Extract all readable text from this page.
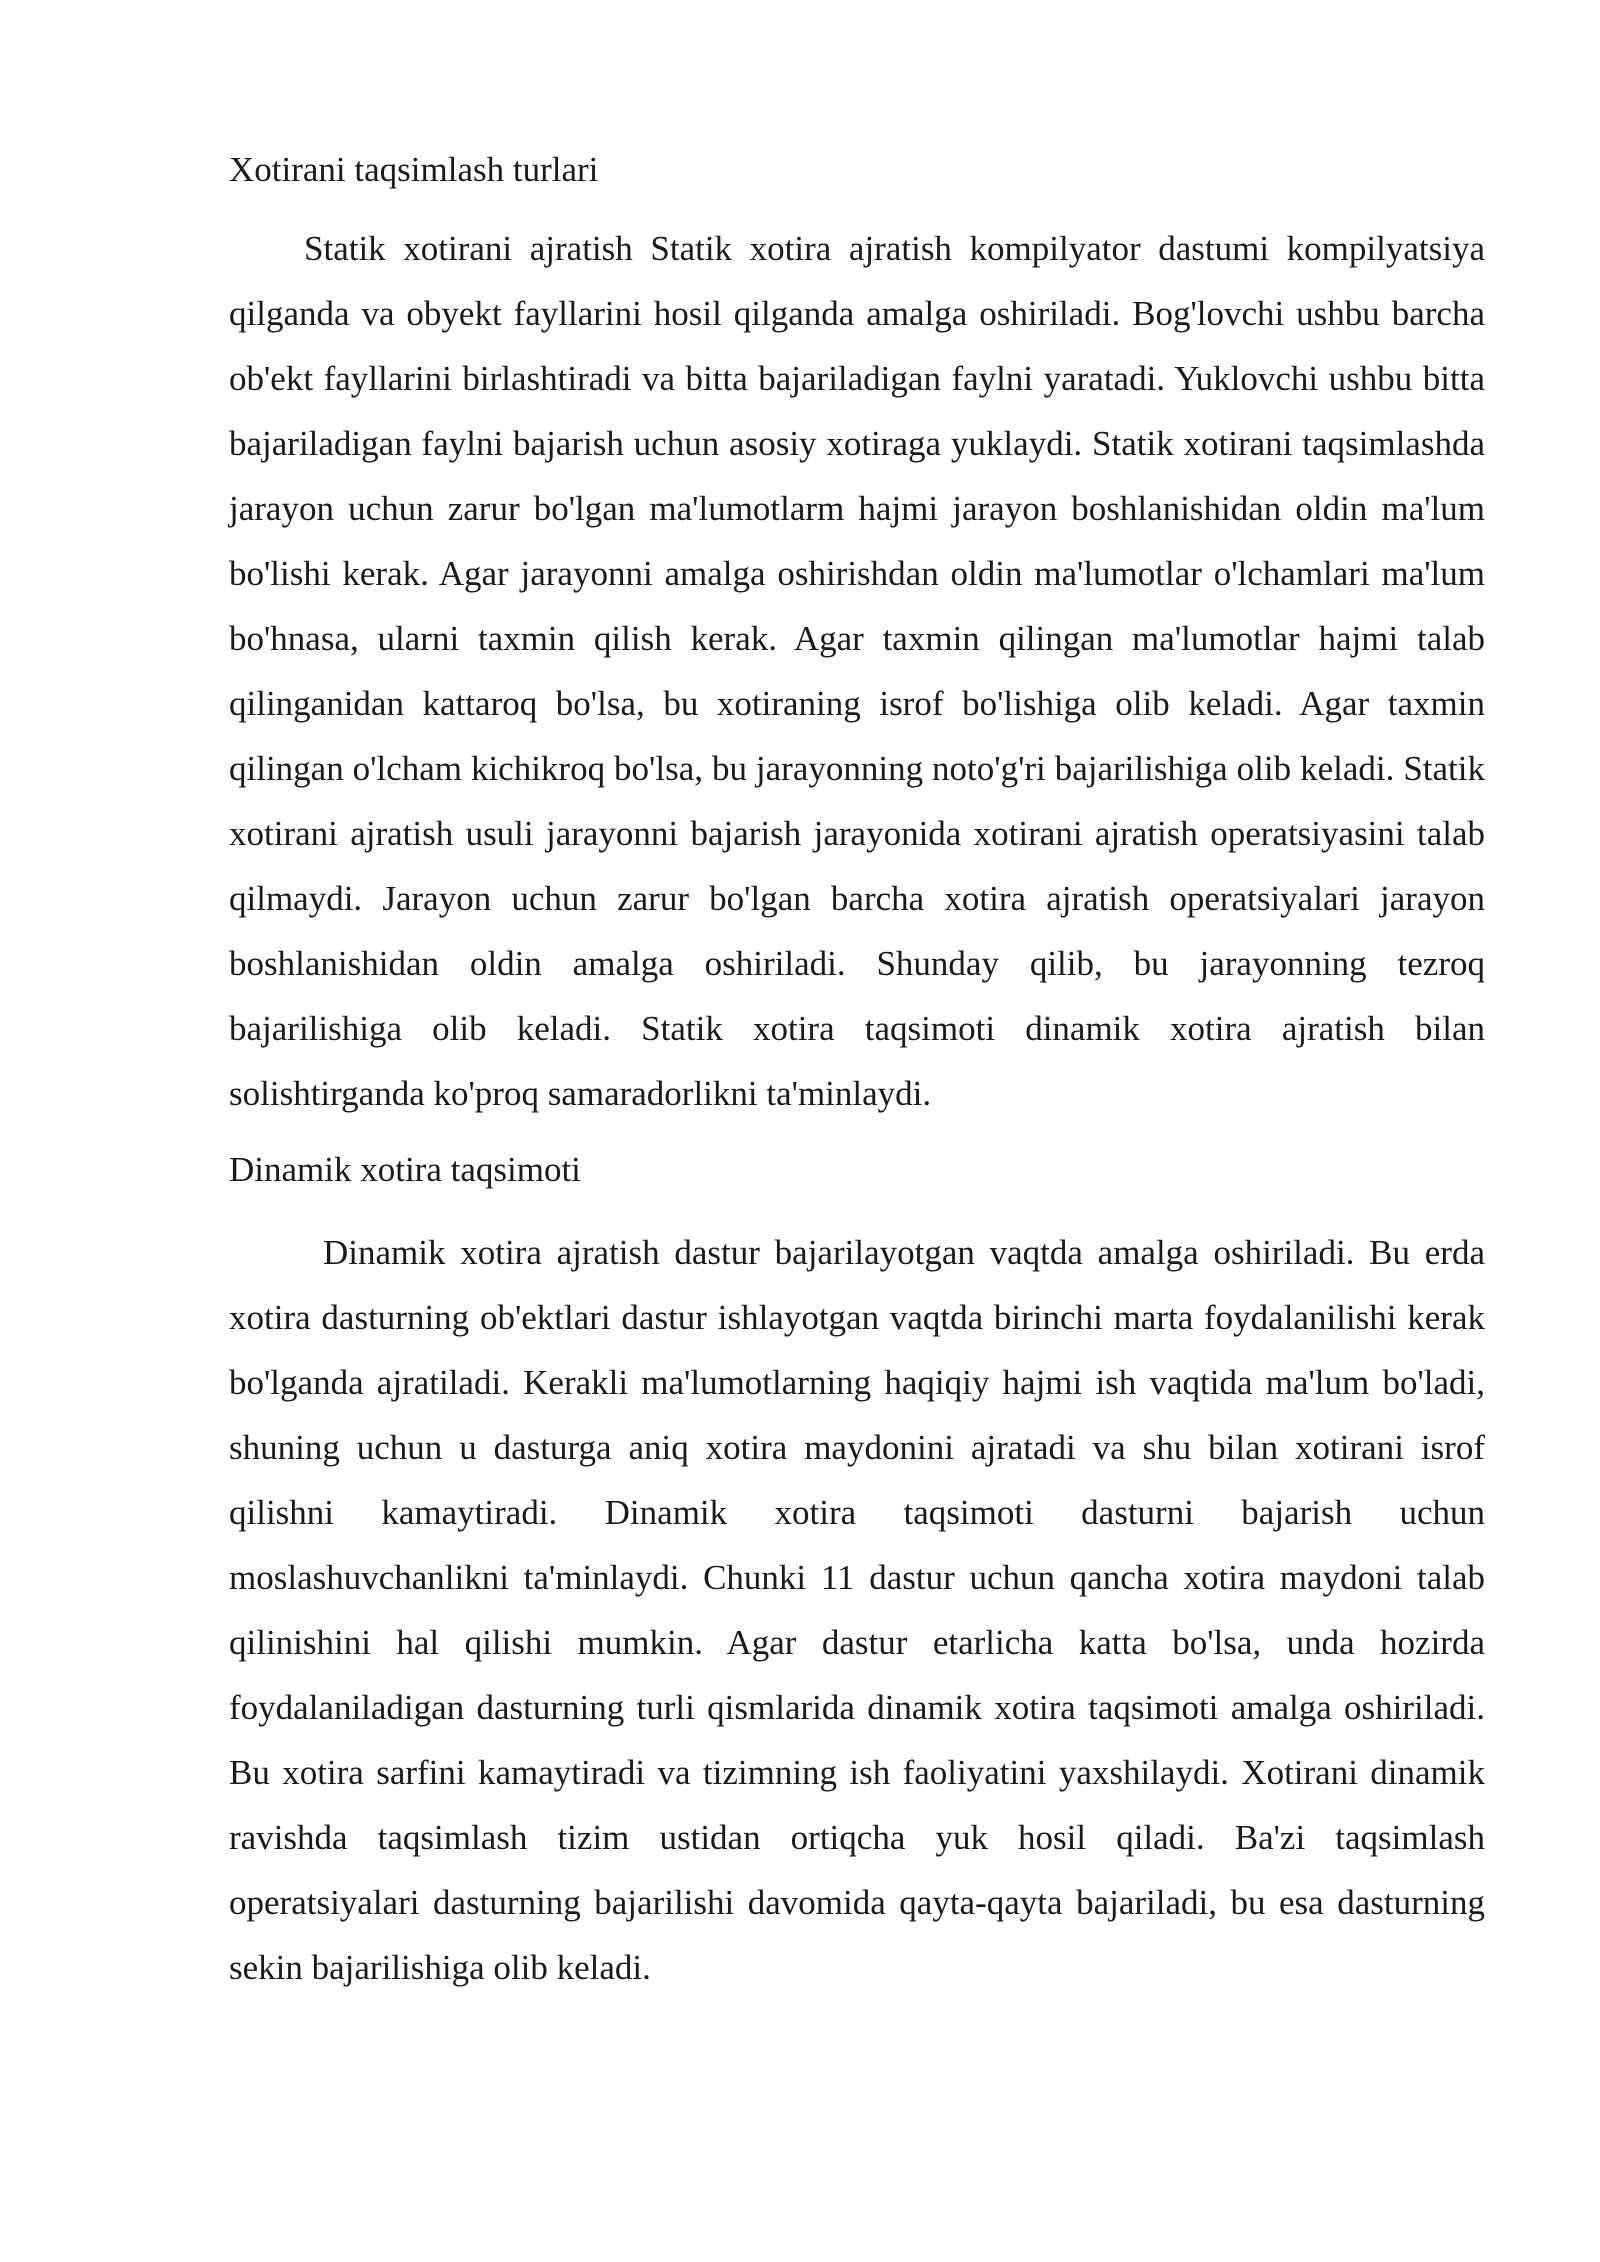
Xotirani taqsimlash turlari

Statik xotirani ajratish Statik xotira ajratish kompilyator dastumi kompilyatsiya qilganda va obyekt fayllarini hosil qilganda amalga oshiriladi. Bog'lovchi ushbu barcha ob'ekt fayllarini birlashtiradi va bitta bajariladigan faylni yaratadi. Yuklovchi ushbu bitta bajariladigan faylni bajarish uchun asosiy xotiraga yuklaydi. Statik xotirani taqsimlashda jarayon uchun zarur bo'lgan ma'lumotlarm hajmi jarayon boshlanishidan oldin ma'lum bo'lishi kerak. Agar jarayonni amalga oshirishdan oldin ma'lumotlar o'lchamlari ma'lum bo'hnasa, ularni taxmin qilish kerak. Agar taxmin qilingan ma'lumotlar hajmi talab qilinganidan kattaroq bo'lsa, bu xotiraning isrof bo'lishiga olib keladi. Agar taxmin qilingan o'lcham kichikroq bo'lsa, bu jarayonning noto'g'ri bajarilishiga olib keladi. Statik xotirani ajratish usuli jarayonni bajarish jarayonida xotirani ajratish operatsiyasini talab qilmaydi. Jarayon uchun zarur bo'lgan barcha xotira ajratish operatsiyalari jarayon boshlanishidan oldin amalga oshiriladi. Shunday qilib, bu jarayonning tezroq bajarilishiga olib keladi. Statik xotira taqsimoti dinamik xotira ajratish bilan solishtirganda ko'proq samaradorlikni ta'minlaydi.

Dinamik xotira taqsimoti

Dinamik xotira ajratish dastur bajarilayotgan vaqtda amalga oshiriladi. Bu erda xotira dasturning ob'ektlari dastur ishlayotgan vaqtda birinchi marta foydalanilishi kerak bo'lganda ajratiladi. Kerakli ma'lumotlarning haqiqiy hajmi ish vaqtida ma'lum bo'ladi, shuning uchun u dasturga aniq xotira maydonini ajratadi va shu bilan xotirani isrof qilishni kamaytiradi. Dinamik xotira taqsimoti dasturni bajarish uchun moslashuvchanlikni ta'minlaydi. Chunki 11 dastur uchun qancha xotira maydoni talab qilinishini hal qilishi mumkin. Agar dastur etarlicha katta bo'lsa, unda hozirda foydalaniladigan dasturning turli qismlarida dinamik xotira taqsimoti amalga oshiriladi. Bu xotira sarfini kamaytiradi va tizimning ish faoliyatini yaxshilaydi. Xotirani dinamik ravishda taqsimlash tizim ustidan ortiqcha yuk hosil qiladi. Ba'zi taqsimlash operatsiyalari dasturning bajarilishi davomida qayta-qayta bajariladi, bu esa dasturning sekin bajarilishiga olib keladi.
